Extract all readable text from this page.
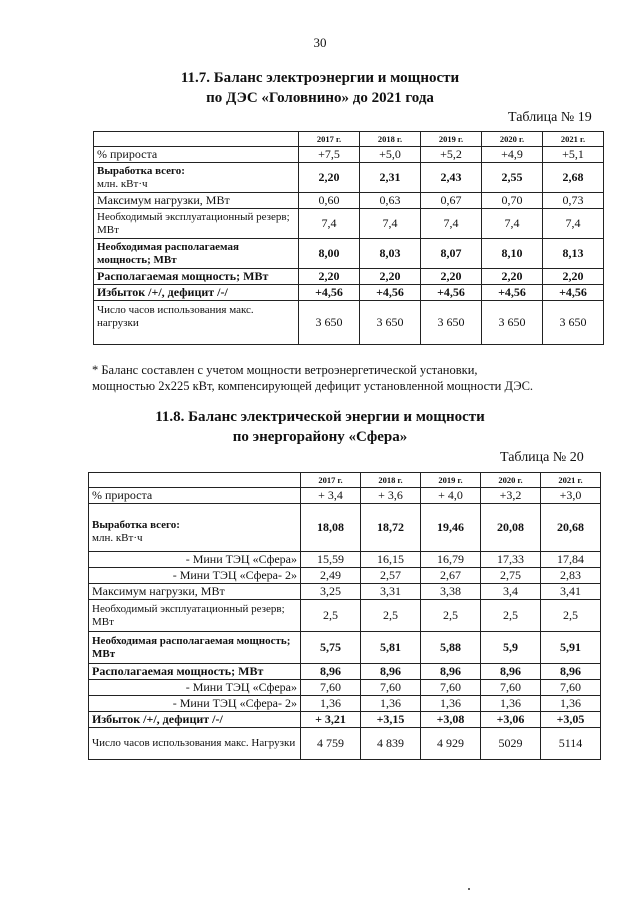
30
11.7. Баланс электроэнергии и мощности
по ДЭС «Головнино» до 2021 года
Таблица № 19
	2017 г.	2018 г.	2019 г.	2020 г.	2021 г.
% прироста	+7,5	+5,0	+5,2	+4,9	+5,1
Выработка всего:
млн. кВт·ч	2,20	2,31	2,43	2,55	2,68
Максимум нагрузки, МВт	0,60	0,63	0,67	0,70	0,73
Необходимый эксплуатационный резерв; МВт	7,4	7,4	7,4	7,4	7,4
Необходимая располагаемая мощность; МВт	8,00	8,03	8,07	8,10	8,13
Располагаемая мощность; МВт	2,20	2,20	2,20	2,20	2,20
Избыток /+/, дефицит /-/	+4,56	+4,56	+4,56	+4,56	+4,56
Число часов использования макс. нагрузки	3 650	3 650	3 650	3 650	3 650
* Баланс составлен с учетом мощности ветроэнергетической установки,
мощностью 2х225 кВт, компенсирующей дефицит установленной мощности ДЭС.
11.8. Баланс электрической энергии и мощности
по энергорайону «Сфера»
Таблица № 20
	2017 г.	2018 г.	2019 г.	2020 г.	2021 г.
% прироста	+ 3,4	+ 3,6	+ 4,0	+3,2	+3,0
Выработка всего:
млн. кВт·ч	18,08	18,72	19,46	20,08	20,68
- Мини ТЭЦ «Сфера»	15,59	16,15	16,79	17,33	17,84
- Мини ТЭЦ «Сфера- 2»	2,49	2,57	2,67	2,75	2,83
Максимум нагрузки, МВт	3,25	3,31	3,38	3,4	3,41
Необходимый эксплуатационный резерв; МВт	2,5	2,5	2,5	2,5	2,5
Необходимая располагаемая мощность; МВт	5,75	5,81	5,88	5,9	5,91
Располагаемая мощность; МВт	8,96	8,96	8,96	8,96	8,96
- Мини ТЭЦ «Сфера»	7,60	7,60	7,60	7,60	7,60
- Мини ТЭЦ «Сфера- 2»	1,36	1,36	1,36	1,36	1,36
Избыток /+/, дефицит /-/	+ 3,21	+3,15	+3,08	+3,06	+3,05
Число часов использования макс. Нагрузки	4 759	4 839	4 929	5029	5114
